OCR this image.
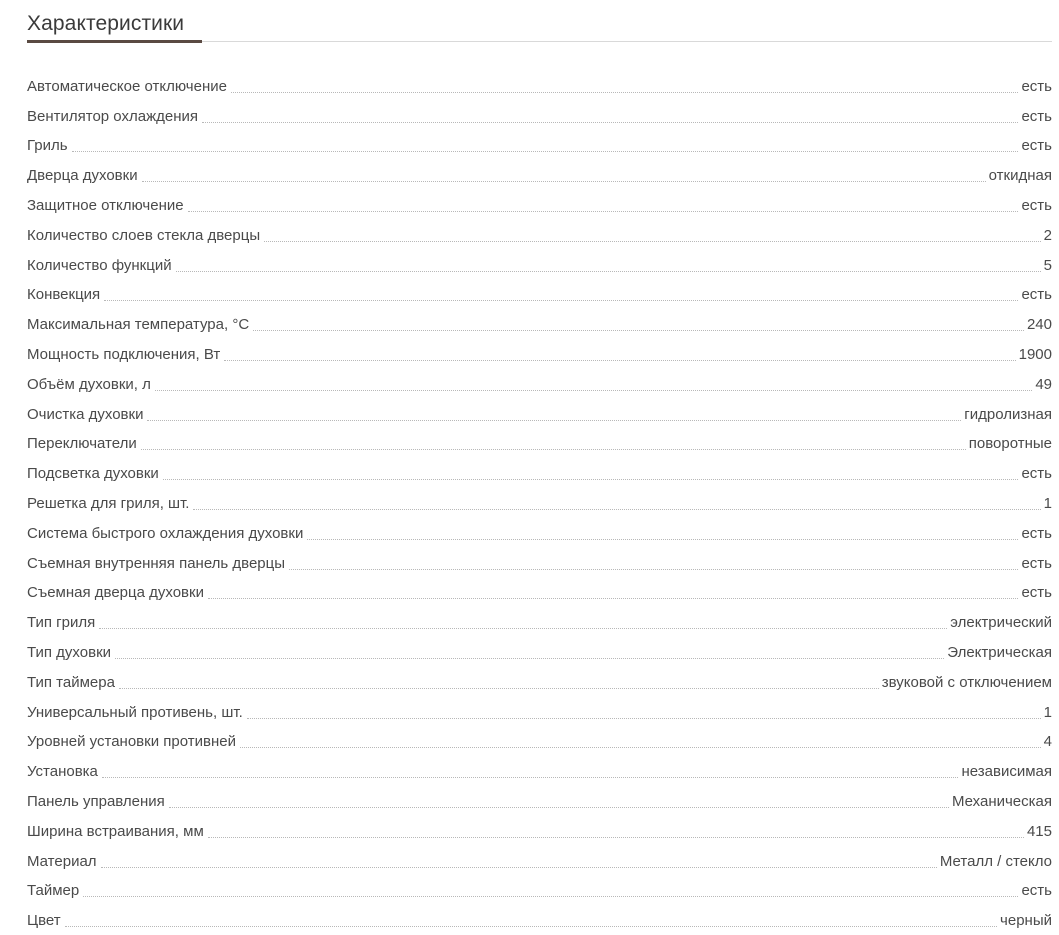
Характеристики
Автоматическое отключение	есть
Вентилятор охлаждения	есть
Гриль	есть
Дверца духовки	откидная
Защитное отключение	есть
Количество слоев стекла дверцы	2
Количество функций	5
Конвекция	есть
Максимальная температура, °C	240
Мощность подключения, Вт	1900
Объём духовки, л	49
Очистка духовки	гидролизная
Переключатели	поворотные
Подсветка духовки	есть
Решетка для гриля, шт.	1
Система быстрого охлаждения духовки	есть
Съемная внутренняя панель дверцы	есть
Съемная дверца духовки	есть
Тип гриля	электрический
Тип духовки	Электрическая
Тип таймера	звуковой с отключением
Универсальный противень, шт.	1
Уровней установки противней	4
Установка	независимая
Панель управления	Механическая
Ширина встраивания, мм	415
Материал	Металл / стекло
Таймер	есть
Цвет	черный
